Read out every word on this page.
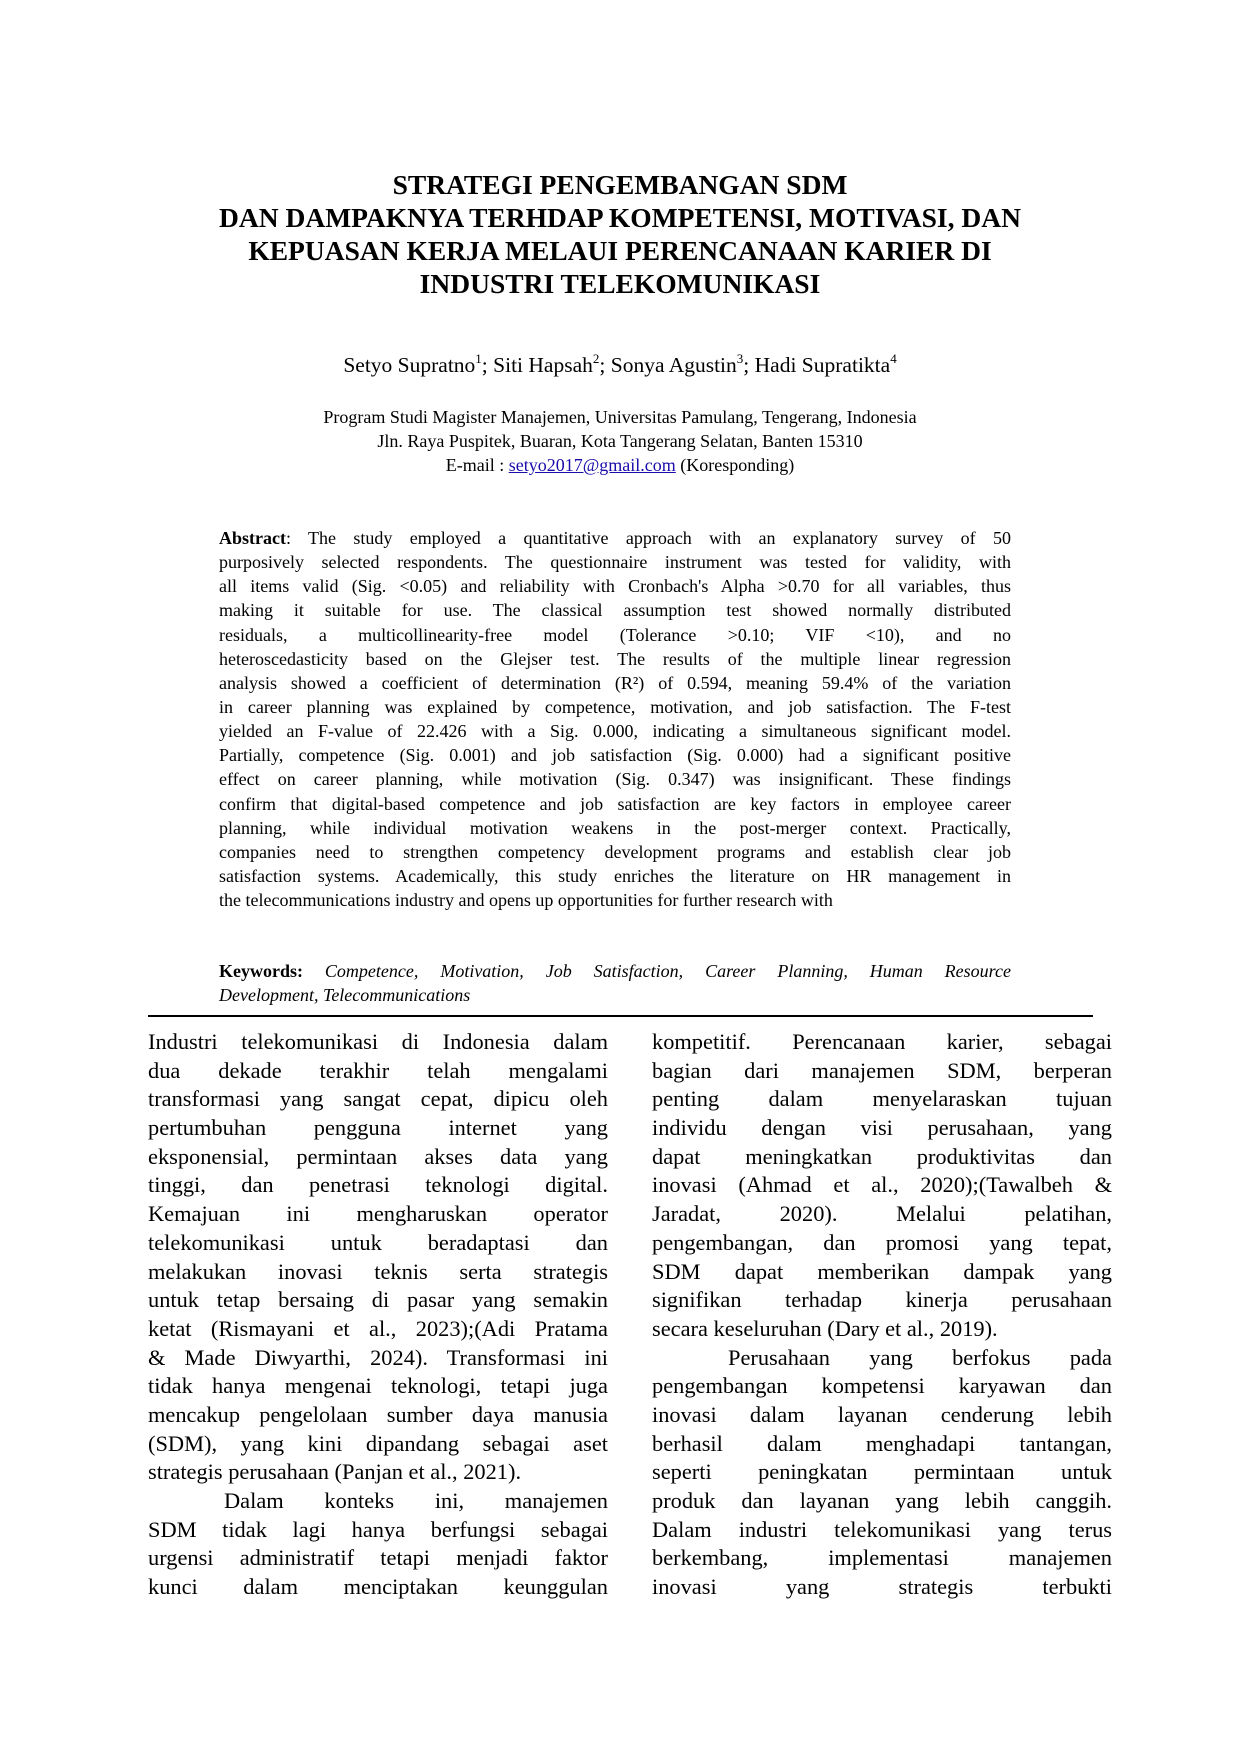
STRATEGI PENGEMBANGAN SDM
DAN DAMPAKNYA TERHDAP KOMPETENSI, MOTIVASI, DAN
KEPUASAN KERJA MELAUI PERENCANAAN KARIER DI
INDUSTRI TELEKOMUNIKASI
Setyo Supratno$^1$; Siti Hapsah$^2$; Sonya Agustin$^3$; Hadi Supratikta$^4$
Program Studi Magister Manajemen, Universitas Pamulang, Tengerang, Indonesia
Jln. Raya Puspitek, Buaran, Kota Tangerang Selatan, Banten 15310
E-mail : setyo2017@gmail.com (Koresponding)
Abstract: The study employed a quantitative approach with an explanatory survey of 50
purposively selected respondents. The questionnaire instrument was tested for validity, with
all items valid (Sig. <0.05) and reliability with Cronbach's Alpha >0.70 for all variables, thus
making it suitable for use. The classical assumption test showed normally distributed
residuals, a multicollinearity-free model (Tolerance >0.10; VIF <10), and no
heteroscedasticity based on the Glejser test. The results of the multiple linear regression
analysis showed a coefficient of determination (R²) of 0.594, meaning 59.4% of the variation
in career planning was explained by competence, motivation, and job satisfaction. The F-test
yielded an F-value of 22.426 with a Sig. 0.000, indicating a simultaneous significant model.
Partially, competence (Sig. 0.001) and job satisfaction (Sig. 0.000) had a significant positive
effect on career planning, while motivation (Sig. 0.347) was insignificant. These findings
confirm that digital-based competence and job satisfaction are key factors in employee career
planning, while individual motivation weakens in the post-merger context. Practically,
companies need to strengthen competency development programs and establish clear job
satisfaction systems. Academically, this study enriches the literature on HR management in
the telecommunications industry and opens up opportunities for further research with
Keywords: Competence, Motivation, Job Satisfaction, Career Planning, Human Resource
Development, Telecommunications
Industri telekomunikasi di Indonesia dalam
dua dekade terakhir telah mengalami
transformasi yang sangat cepat, dipicu oleh
pertumbuhan pengguna internet yang
eksponensial, permintaan akses data yang
tinggi, dan penetrasi teknologi digital.
Kemajuan ini mengharuskan operator
telekomunikasi untuk beradaptasi dan
melakukan inovasi teknis serta strategis
untuk tetap bersaing di pasar yang semakin
ketat (Rismayani et al., 2023);(Adi Pratama
& Made Diwyarthi, 2024). Transformasi ini
tidak hanya mengenai teknologi, tetapi juga
mencakup pengelolaan sumber daya manusia
(SDM), yang kini dipandang sebagai aset
strategis perusahaan (Panjan et al., 2021).
Dalam konteks ini, manajemen
SDM tidak lagi hanya berfungsi sebagai
urgensi administratif tetapi menjadi faktor
kunci dalam menciptakan keunggulan
kompetitif. Perencanaan karier, sebagai
bagian dari manajemen SDM, berperan
penting dalam menyelaraskan tujuan
individu dengan visi perusahaan, yang
dapat meningkatkan produktivitas dan
inovasi (Ahmad et al., 2020);(Tawalbeh &
Jaradat, 2020). Melalui pelatihan,
pengembangan, dan promosi yang tepat,
SDM dapat memberikan dampak yang
signifikan terhadap kinerja perusahaan
secara keseluruhan (Dary et al., 2019).
Perusahaan yang berfokus pada
pengembangan kompetensi karyawan dan
inovasi dalam layanan cenderung lebih
berhasil dalam menghadapi tantangan,
seperti peningkatan permintaan untuk
produk dan layanan yang lebih canggih.
Dalam industri telekomunikasi yang terus
berkembang, implementasi manajemen
inovasi yang strategis terbukti
